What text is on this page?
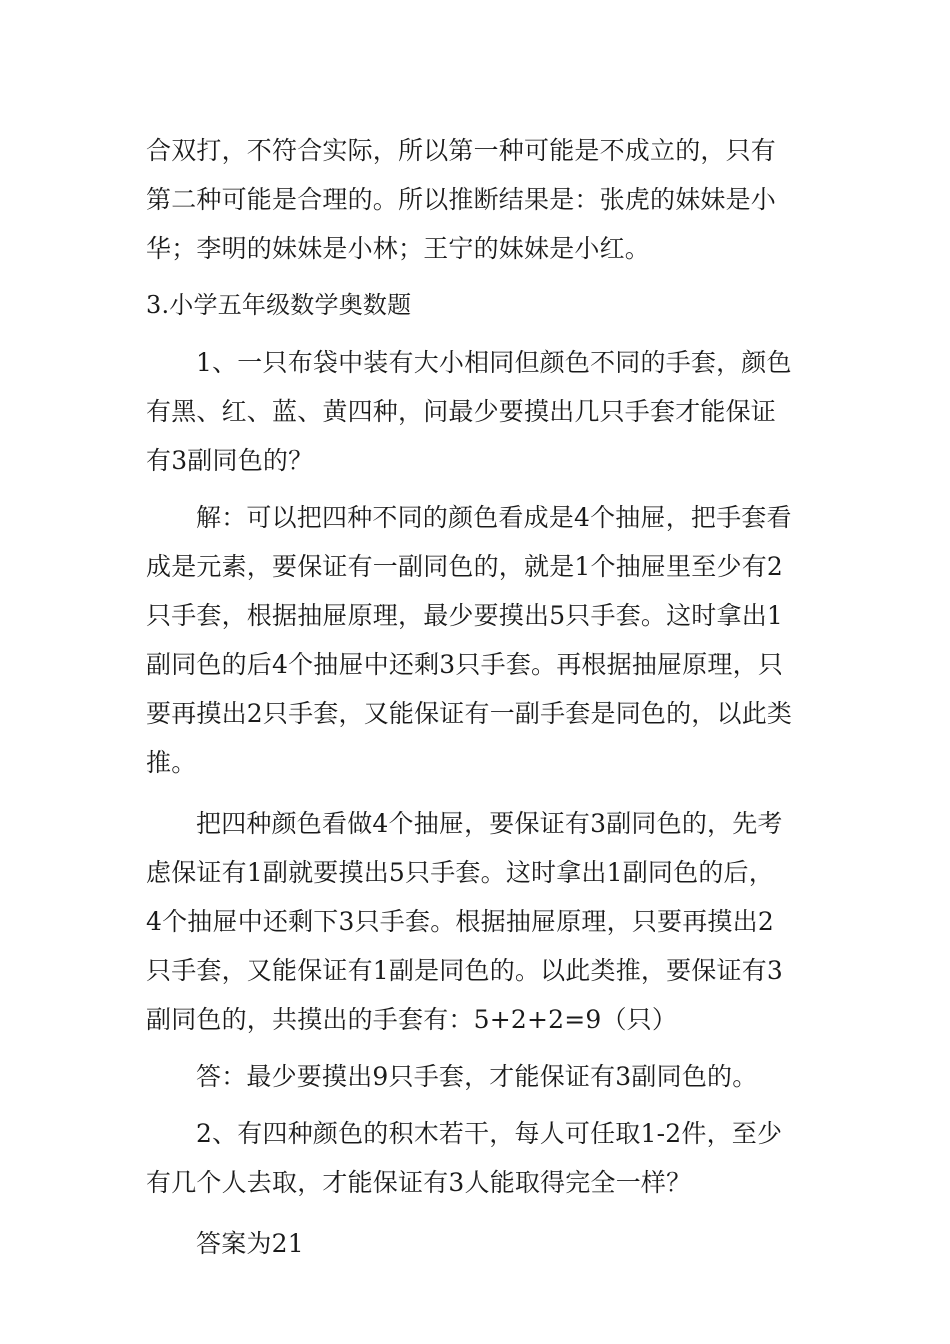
合双打，不符合实际，所以第一种可能是不成立的，只有
第二种可能是合理的。所以推断结果是：张虎的妹妹是小
华；李明的妹妹是小林；王宁的妹妹是小红。
3.小学五年级数学奥数题
1、一只布袋中装有大小相同但颜色不同的手套，颜色
有黑、红、蓝、黄四种，问最少要摸出几只手套才能保证
有3副同色的？
解：可以把四种不同的颜色看成是4个抽屉，把手套看
成是元素，要保证有一副同色的，就是1个抽屉里至少有2
只手套，根据抽屉原理，最少要摸出5只手套。这时拿出1
副同色的后4个抽屉中还剩3只手套。再根据抽屉原理，只
要再摸出2只手套，又能保证有一副手套是同色的，以此类
推。
把四种颜色看做4个抽屉，要保证有3副同色的，先考
虑保证有1副就要摸出5只手套。这时拿出1副同色的后，
4个抽屉中还剩下3只手套。根据抽屉原理，只要再摸出2
只手套，又能保证有1副是同色的。以此类推，要保证有3
副同色的，共摸出的手套有：5+2+2=9（只）
答：最少要摸出9只手套，才能保证有3副同色的。
2、有四种颜色的积木若干，每人可任取1-2件，至少
有几个人去取，才能保证有3人能取得完全一样？
答案为21
